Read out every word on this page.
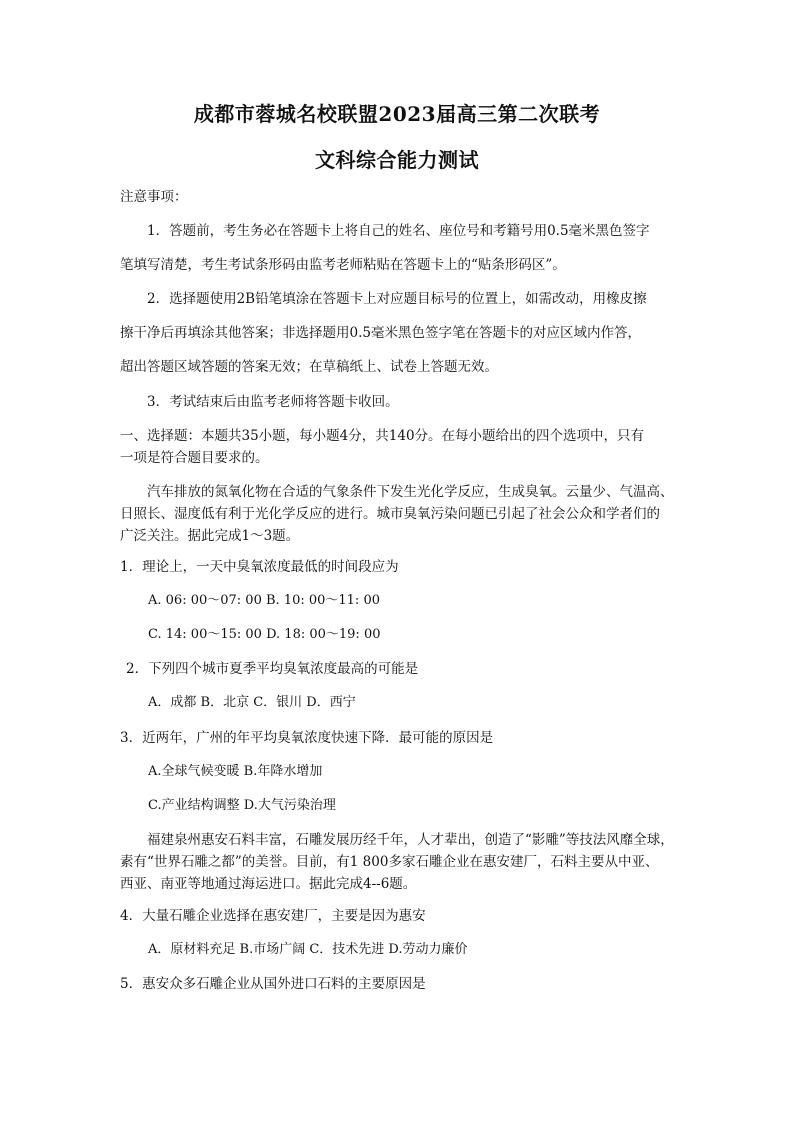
成都市蓉城名校联盟2023届高三第二次联考
文科综合能力测试
注意事项：
1．答题前，考生务必在答题卡上将自己的姓名、座位号和考籍号用0.5毫米黑色签字
笔填写清楚，考生考试条形码由监考老师粘贴在答题卡上的“贴条形码区”。
2．选择题使用2B铅笔填涂在答题卡上对应题目标号的位置上，如需改动，用橡皮擦
擦干净后再填涂其他答案；非选择题用0.5毫米黑色签字笔在答题卡的对应区域内作答，
超出答题区域答题的答案无效；在草稿纸上、试卷上答题无效。
3．考试结束后由监考老师将答题卡收回。
一、选择题：本题共35小题，每小题4分，共140分。在每小题给出的四个选项中，只有
一项是符合题目要求的。
汽车排放的氮氧化物在合适的气象条件下发生光化学反应，生成臭氧。云量少、气温高、
日照长、湿度低有利于光化学反应的进行。城市臭氧污染问题已引起了社会公众和学者们的
广泛关注。据此完成1～3题。
1．理论上，一天中臭氧浓度最低的时间段应为
A. 06: 00～07: 00 B. 10: 00～11: 00
C. 14: 00～15: 00 D. 18: 00～19: 00
2．下列四个城市夏季平均臭氧浓度最高的可能是
A．成都 B．北京 C．银川 D．西宁
3．近两年，广州的年平均臭氧浓度快速下降．最可能的原因是
A.全球气候变暖 B.年降水增加
C.产业结构调整 D.大气污染治理
福建泉州惠安石料丰富，石雕发展历经千年，人才辈出，创造了“影雕”等技法风靡全球，
素有“世界石雕之都”的美誉。目前，有1 800多家石雕企业在惠安建厂，石料主要从中亚、
西亚、南亚等地通过海运进口。据此完成4--6题。
4．大量石雕企业选择在惠安建厂，主要是因为惠安
A．原材料充足 B.市场广阔 C．技术先进 D.劳动力廉价
5．惠安众多石雕企业从国外进口石料的主要原因是
